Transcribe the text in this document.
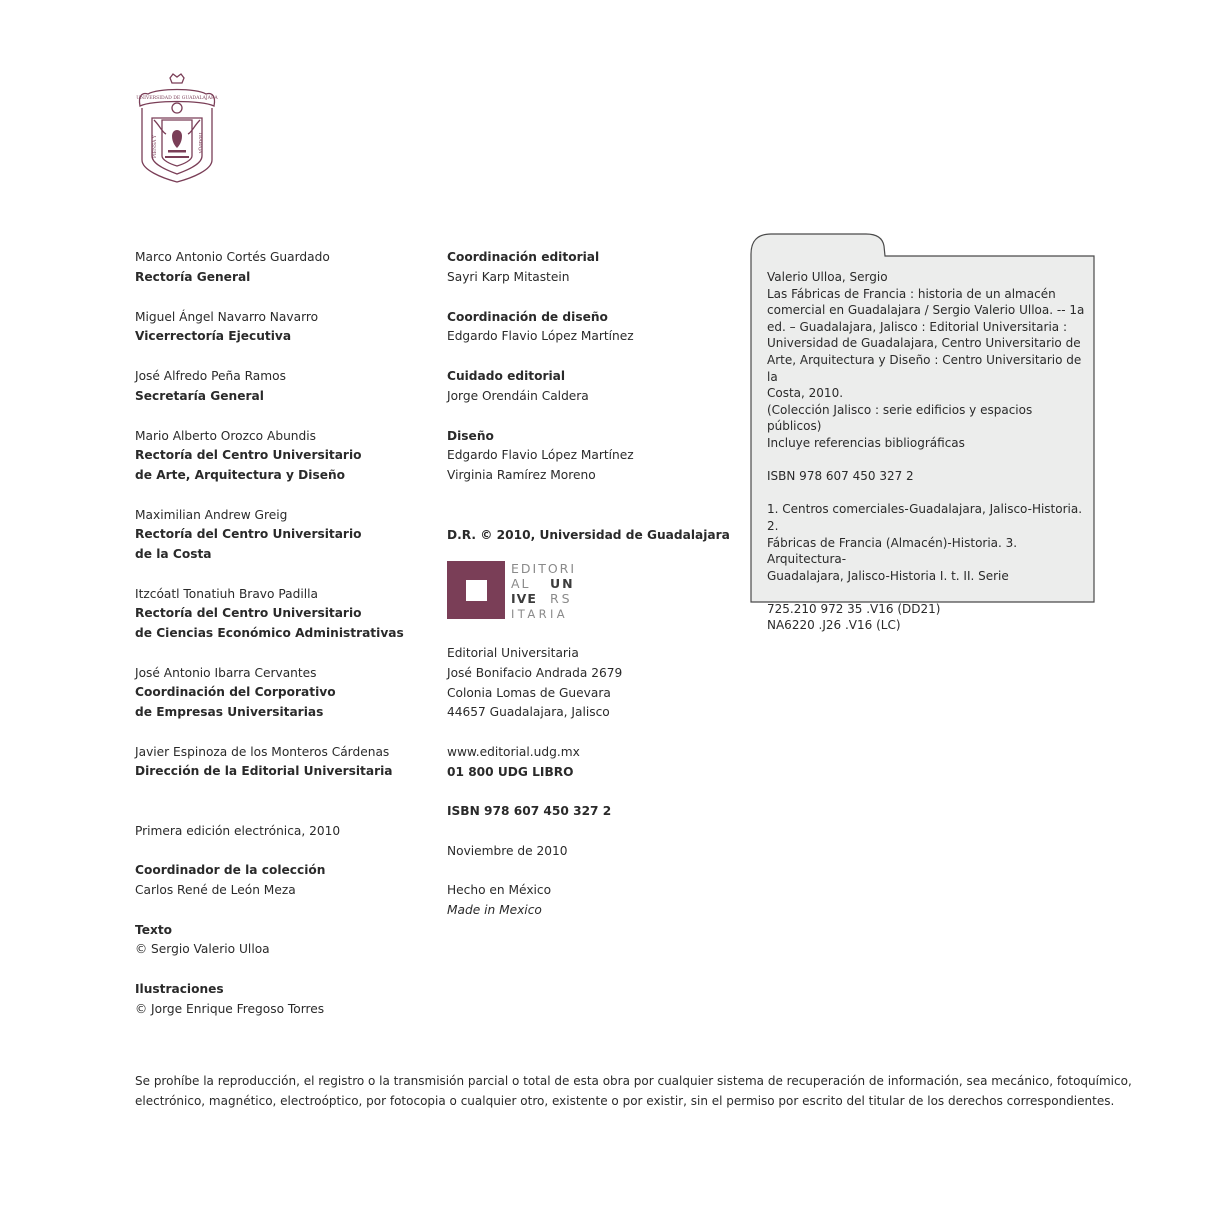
UNIVERSIDAD DE GUADALAJARA
PIENSA Y	TRABAJA
Marco Antonio Cortés Guardado
Rectoría General
Miguel Ángel Navarro Navarro
Vicerrectoría Ejecutiva
José Alfredo Peña Ramos
Secretaría General
Mario Alberto Orozco Abundis
Rectoría del Centro Universitario
de Arte, Arquitectura y Diseño
Maximilian Andrew Greig
Rectoría del Centro Universitario
de la Costa
Itzcóatl Tonatiuh Bravo Padilla
Rectoría del Centro Universitario
de Ciencias Económico Administrativas
José Antonio Ibarra Cervantes
Coordinación del Corporativo
de Empresas Universitarias
Javier Espinoza de los Monteros Cárdenas
Dirección de la Editorial Universitaria
Primera edición electrónica, 2010
Coordinador de la colección
Carlos René de León Meza
Texto
© Sergio Valerio Ulloa
Ilustraciones
© Jorge Enrique Fregoso Torres
Coordinación editorial
Sayri Karp Mitastein
Coordinación de diseño
Edgardo Flavio López Martínez
Cuidado editorial
Jorge Orendáin Caldera
Diseño
Edgardo Flavio López Martínez
Virginia Ramírez Moreno
D.R. © 2010, Universidad de Guadalajara
Editorial Universitaria
José Bonifacio Andrada 2679
Colonia Lomas de Guevara
44657 Guadalajara, Jalisco
www.editorial.udg.mx
01 800 UDG LIBRO
ISBN 978 607 450 327 2
Noviembre de 2010
Hecho en México
Made in Mexico
EDITORI
AL UN
IVE RS
ITARIA

Valerio Ulloa, Sergio
Las Fábricas de Francia : historia de un almacén
comercial en Guadalajara / Sergio Valerio Ulloa. -- 1a
ed. – Guadalajara, Jalisco : Editorial Universitaria :
Universidad de Guadalajara, Centro Universitario de
Arte, Arquitectura y Diseño : Centro Universitario de la
Costa, 2010.
(Colección Jalisco : serie edificios y espacios públicos)
Incluye referencias bibliográficas

ISBN 978 607 450 327 2

1. Centros comerciales-Guadalajara, Jalisco-Historia. 2.
Fábricas de Francia (Almacén)-Historia. 3. Arquitectura-
Guadalajara, Jalisco-Historia I. t. II. Serie

725.210 972 35 .V16 (DD21)
NA6220 .J26 .V16 (LC)

Se prohíbe la reproducción, el registro o la transmisión parcial o total de esta obra por cualquier sistema de recuperación de información, sea mecánico, fotoquímico,
electrónico, magnético, electroóptico, por fotocopia o cualquier otro, existente o por existir, sin el permiso por escrito del titular de los derechos correspondientes.
